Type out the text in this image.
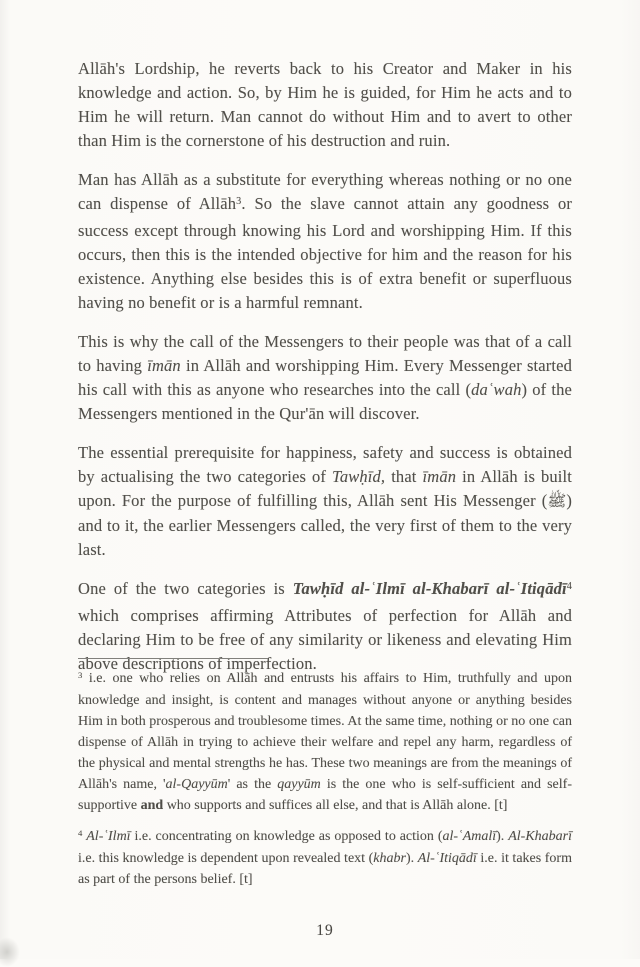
Allāh's Lordship, he reverts back to his Creator and Maker in his knowledge and action. So, by Him he is guided, for Him he acts and to Him he will return. Man cannot do without Him and to avert to other than Him is the cornerstone of his destruction and ruin.

Man has Allāh as a substitute for everything whereas nothing or no one can dispense of Allāh$^3$. So the slave cannot attain any goodness or success except through knowing his Lord and worshipping Him. If this occurs, then this is the intended objective for him and the reason for his existence. Anything else besides this is of extra benefit or superfluous having no benefit or is a harmful remnant.

This is why the call of the Messengers to their people was that of a call to having īmān in Allāh and worshipping Him. Every Messenger started his call with this as anyone who researches into the call (daʿwah) of the Messengers mentioned in the Qur'ān will discover.

The essential prerequisite for happiness, safety and success is obtained by actualising the two categories of Tawḥīd, that īmān in Allāh is built upon. For the purpose of fulfilling this, Allāh sent His Messenger (ﷺ) and to it, the earlier Messengers called, the very first of them to the very last.

One of the two categories is Tawḥīd al-ʿIlmī al-Khabarī al-ʿItiqādī$^4$ which comprises affirming Attributes of perfection for Allāh and declaring Him to be free of any similarity or likeness and elevating Him above descriptions of imperfection.

$^3$ i.e. one who relies on Allāh and entrusts his affairs to Him, truthfully and upon knowledge and insight, is content and manages without anyone or anything besides Him in both prosperous and troublesome times. At the same time, nothing or no one can dispense of Allāh in trying to achieve their welfare and repel any harm, regardless of the physical and mental strengths he has. These two meanings are from the meanings of Allāh's name, 'al-Qayyūm' as the qayyūm is the one who is self-sufficient and self-supportive and who supports and suffices all else, and that is Allāh alone. [t]

$^4$ Al-ʿIlmī i.e. concentrating on knowledge as opposed to action (al-ʿAmalī). Al-Khabarī i.e. this knowledge is dependent upon revealed text (khabr). Al-ʿItiqādī i.e. it takes form as part of the persons belief. [t]

19
